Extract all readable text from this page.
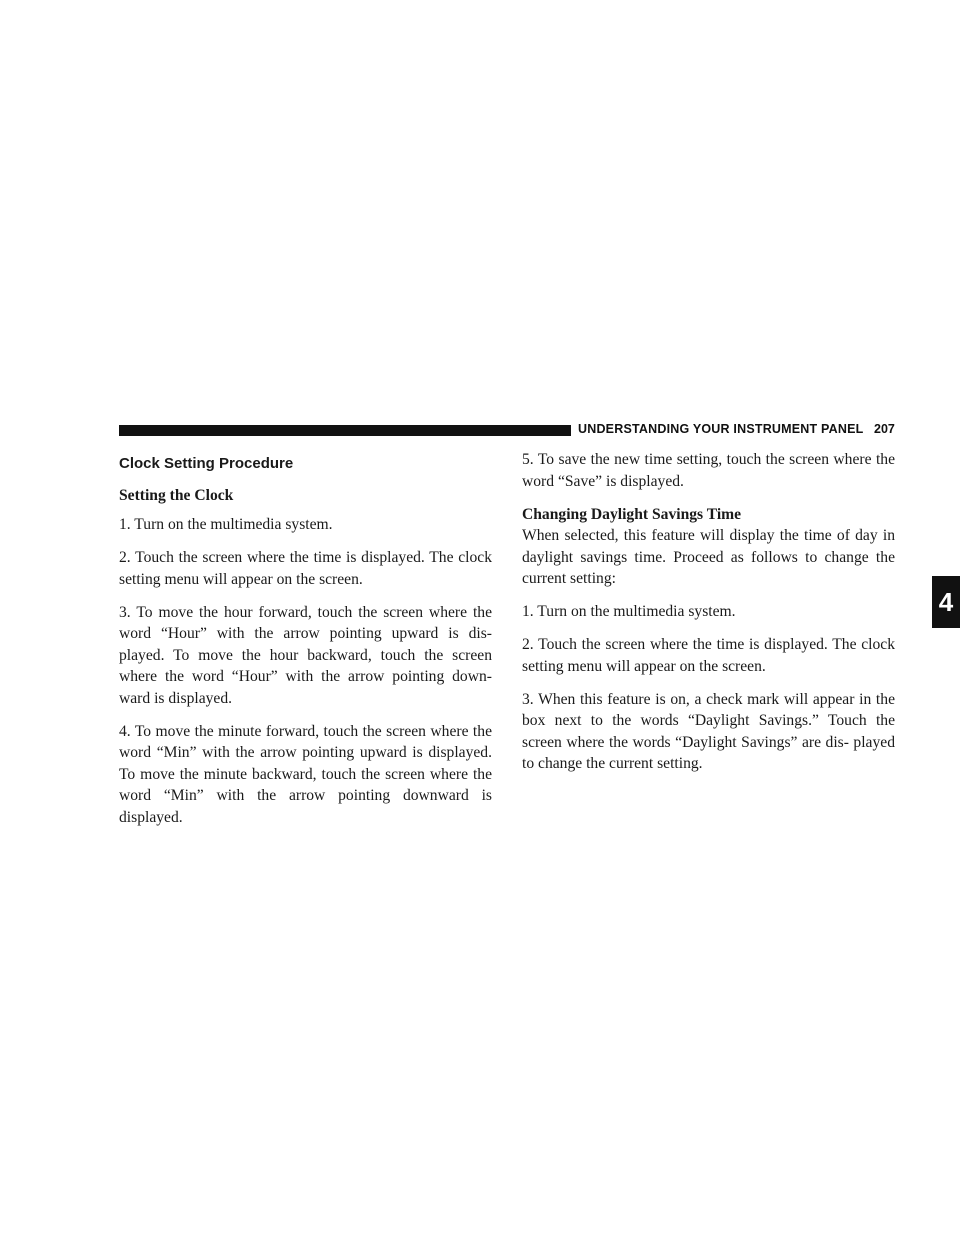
UNDERSTANDING YOUR INSTRUMENT PANEL 207
4
Clock Setting Procedure
Setting the Clock

1. Turn on the multimedia system.

2. Touch the screen where the time is displayed. The clock setting menu will appear on the screen.

3. To move the hour forward, touch the screen where the word “Hour” with the arrow pointing upward is dis- played. To move the hour backward, touch the screen where the word “Hour” with the arrow pointing down- ward is displayed.

4. To move the minute forward, touch the screen where the word “Min” with the arrow pointing upward is displayed. To move the minute backward, touch the screen where the word “Min” with the arrow pointing downward is displayed.

5. To save the new time setting, touch the screen where the word “Save” is displayed.

Changing Daylight Savings Time

When selected, this feature will display the time of day in daylight savings time. Proceed as follows to change the current setting:

1. Turn on the multimedia system.

2. Touch the screen where the time is displayed. The clock setting menu will appear on the screen.

3. When this feature is on, a check mark will appear in the box next to the words “Daylight Savings.” Touch the screen where the words “Daylight Savings” are dis- played to change the current setting.
